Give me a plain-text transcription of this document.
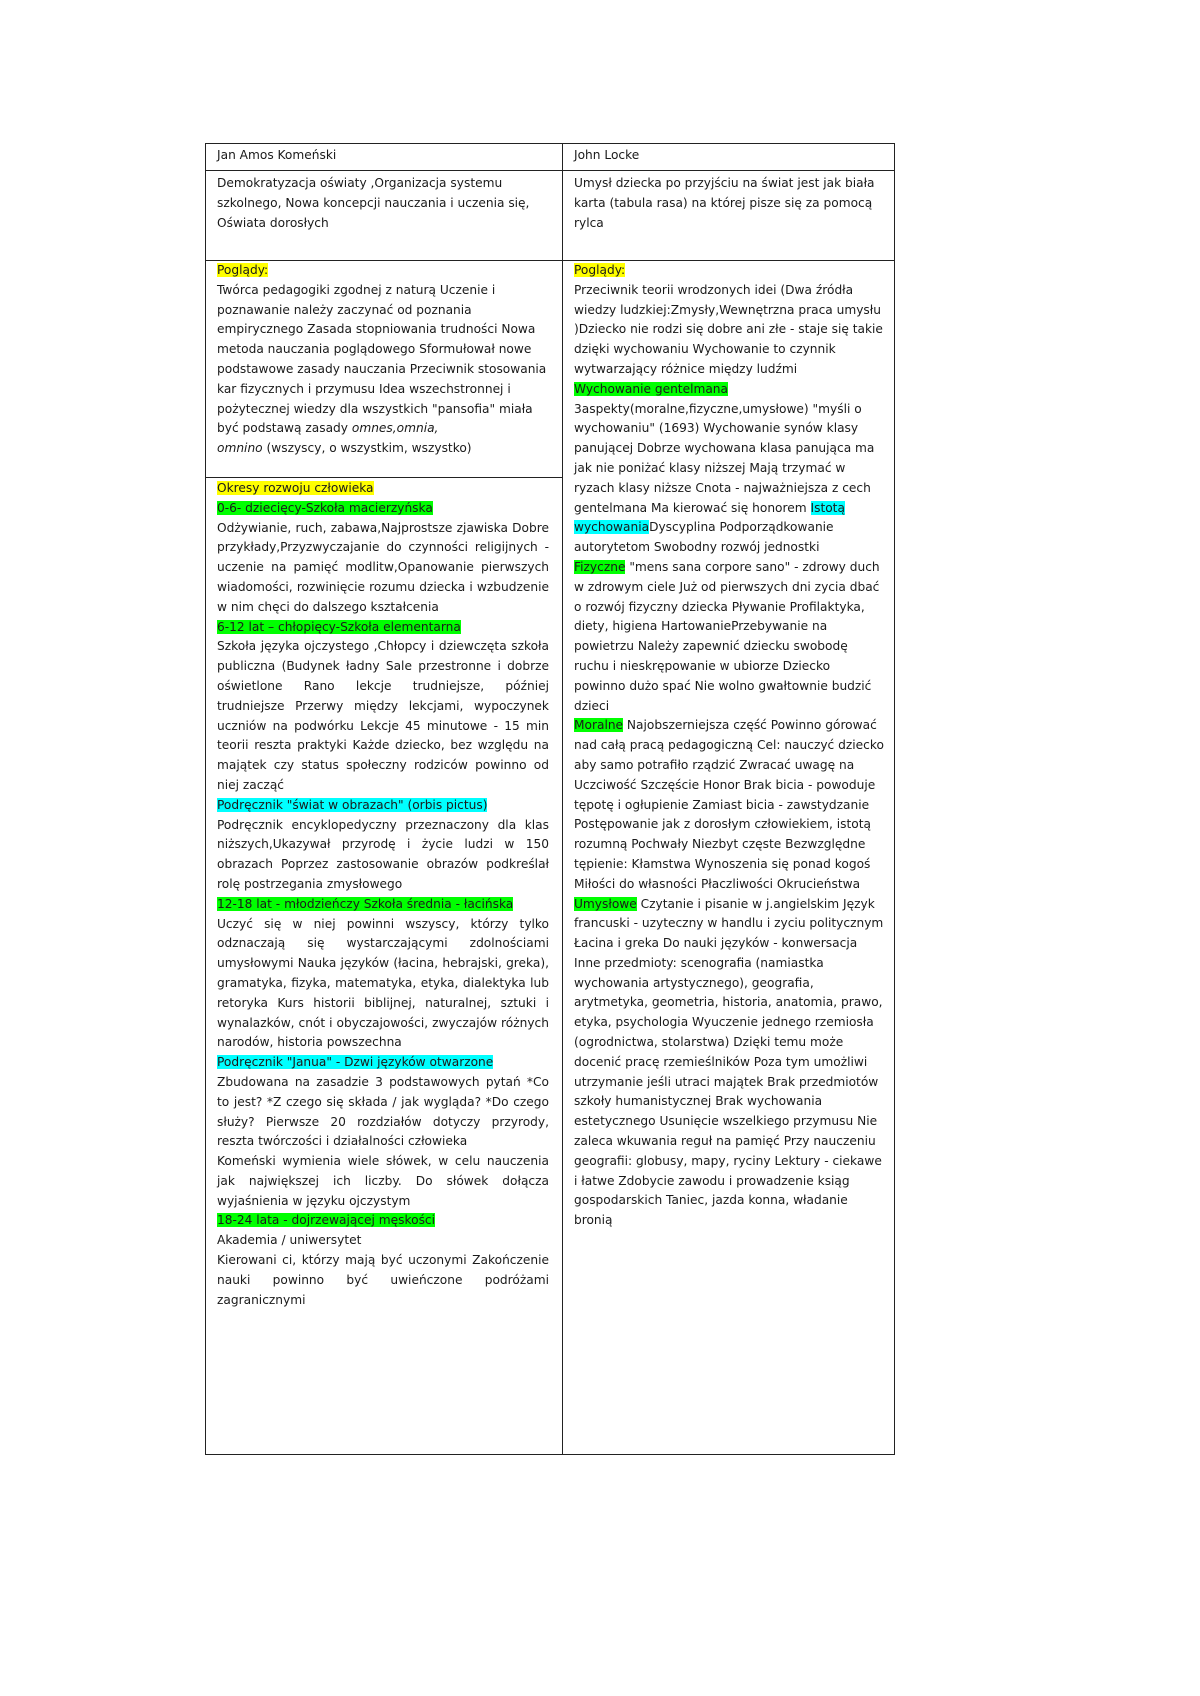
Jan Amos Komeński	John Locke
Demokratyzacja oświaty ,Organizacja systemu szkolnego, Nowa koncepcji nauczania i uczenia się, Oświata dorosłych
Umysł dziecka po przyjściu na świat jest jak biała karta (tabula rasa) na której pisze się za pomocą rylca
Poglądy:
Twórca pedagogiki zgodnej z naturą Uczenie i poznawanie należy zaczynać od poznania empirycznego Zasada stopniowania trudności Nowa metoda nauczania poglądowego Sformułował nowe podstawowe zasady nauczania Przeciwnik stosowania kar fizycznych i przymusu Idea wszechstronnej i pożytecznej wiedzy dla wszystkich "pansofia" miała być podstawą zasady omnes,omnia,
omnino (wszyscy, o wszystkim, wszystko)
Okresy rozwoju człowieka
0-6- dziecięcy-Szkoła macierzyńska
Odżywianie, ruch, zabawa,Najprostsze zjawiska Dobre przykłady,Przyzwyczajanie do czynności religijnych - uczenie na pamięć modlitw,Opanowanie pierwszych wiadomości, rozwinięcie rozumu dziecka i wzbudzenie w nim chęci do dalszego kształcenia
6-12 lat – chłopięcy-Szkoła elementarna
Szkoła języka ojczystego ,Chłopcy i dziewczęta szkoła publiczna (Budynek ładny Sale przestronne i dobrze oświetlone Rano lekcje trudniejsze, później trudniejsze Przerwy między lekcjami, wypoczynek uczniów na podwórku Lekcje 45 minutowe - 15 min teorii reszta praktyki Każde dziecko, bez względu na majątek czy status społeczny rodziców powinno od niej zacząć
Podręcznik "świat w obrazach" (orbis pictus)
Podręcznik encyklopedyczny przeznaczony dla klas niższych,Ukazywał przyrodę i życie ludzi w 150 obrazach Poprzez zastosowanie obrazów podkreślał rolę postrzegania zmysłowego
12-18 lat - młodzieńczy Szkoła średnia - łacińska
Uczyć się w niej powinni wszyscy, którzy tylko odznaczają się wystarczającymi zdolnościami umysłowymi Nauka języków (łacina, hebrajski, greka), gramatyka, fizyka, matematyka, etyka, dialektyka lub retoryka Kurs historii biblijnej, naturalnej, sztuki i wynalazków, cnót i obyczajowości, zwyczajów różnych narodów, historia powszechna
Podręcznik "Janua" - Dzwi języków otwarzone
Zbudowana na zasadzie 3 podstawowych pytań *Co to jest? *Z czego się składa / jak wygląda? *Do czego służy? Pierwsze 20 rozdziałów dotyczy przyrody, reszta twórczości i działalności człowieka
Komeński wymienia wiele słówek, w celu nauczenia jak największej ich liczby. Do słówek dołącza wyjaśnienia w języku ojczystym
18-24 lata - dojrzewającej męskości
Akademia / uniwersytet
Kierowani ci, którzy mają być uczonymi Zakończenie nauki powinno być uwieńczone podróżami zagranicznymi
Poglądy:
Przeciwnik teorii wrodzonych idei (Dwa źródła wiedzy ludzkiej:Zmysły,Wewnętrzna praca umysłu )Dziecko nie rodzi się dobre ani złe - staje się takie dzięki wychowaniu Wychowanie to czynnik wytwarzający różnice między ludźmi
Wychowanie gentelmana
3aspekty(moralne,fizyczne,umysłowe) "myśli o wychowaniu" (1693) Wychowanie synów klasy panującej Dobrze wychowana klasa panująca ma jak nie poniżać klasy niższej Mają trzymać w ryzach klasy niższe Cnota - najważniejsza z cech gentelmana Ma kierować się honorem Istotą wychowaniaDyscyplina Podporządkowanie autorytetom Swobodny rozwój jednostki
Fizyczne "mens sana corpore sano" - zdrowy duch w zdrowym ciele Już od pierwszych dni zycia dbać o rozwój fizyczny dziecka Pływanie Profilaktyka, diety, higiena HartowaniePrzebywanie na powietrzu Należy zapewnić dziecku swobodę ruchu i nieskrępowanie w ubiorze Dziecko powinno dużo spać Nie wolno gwałtownie budzić dzieci
Moralne Najobszerniejsza część Powinno górować nad całą pracą pedagogiczną Cel: nauczyć dziecko aby samo potrafiło rządzić Zwracać uwagę na Uczciwość Szczęście Honor Brak bicia - powoduje tępotę i ogłupienie Zamiast bicia - zawstydzanie Postępowanie jak z dorosłym człowiekiem, istotą rozumną Pochwały Niezbyt częste Bezwzględne tępienie: Kłamstwa Wynoszenia się ponad kogoś Miłości do własności Płaczliwości Okrucieństwa
Umysłowe Czytanie i pisanie w j.angielskim Język francuski - uzyteczny w handlu i zyciu politycznym Łacina i greka Do nauki języków - konwersacja Inne przedmioty: scenografia (namiastka wychowania artystycznego), geografia, arytmetyka, geometria, historia, anatomia, prawo, etyka, psychologia Wyuczenie jednego rzemiosła (ogrodnictwa, stolarstwa) Dzięki temu może docenić pracę rzemieślników Poza tym umożliwi utrzymanie jeśli utraci majątek Brak przedmiotów szkoły humanistycznej Brak wychowania estetycznego Usunięcie wszelkiego przymusu Nie zaleca wkuwania reguł na pamięć Przy nauczeniu geografii: globusy, mapy, ryciny Lektury - ciekawe i łatwe Zdobycie zawodu i prowadzenie ksiąg gospodarskich Taniec, jazda konna, władanie bronią
